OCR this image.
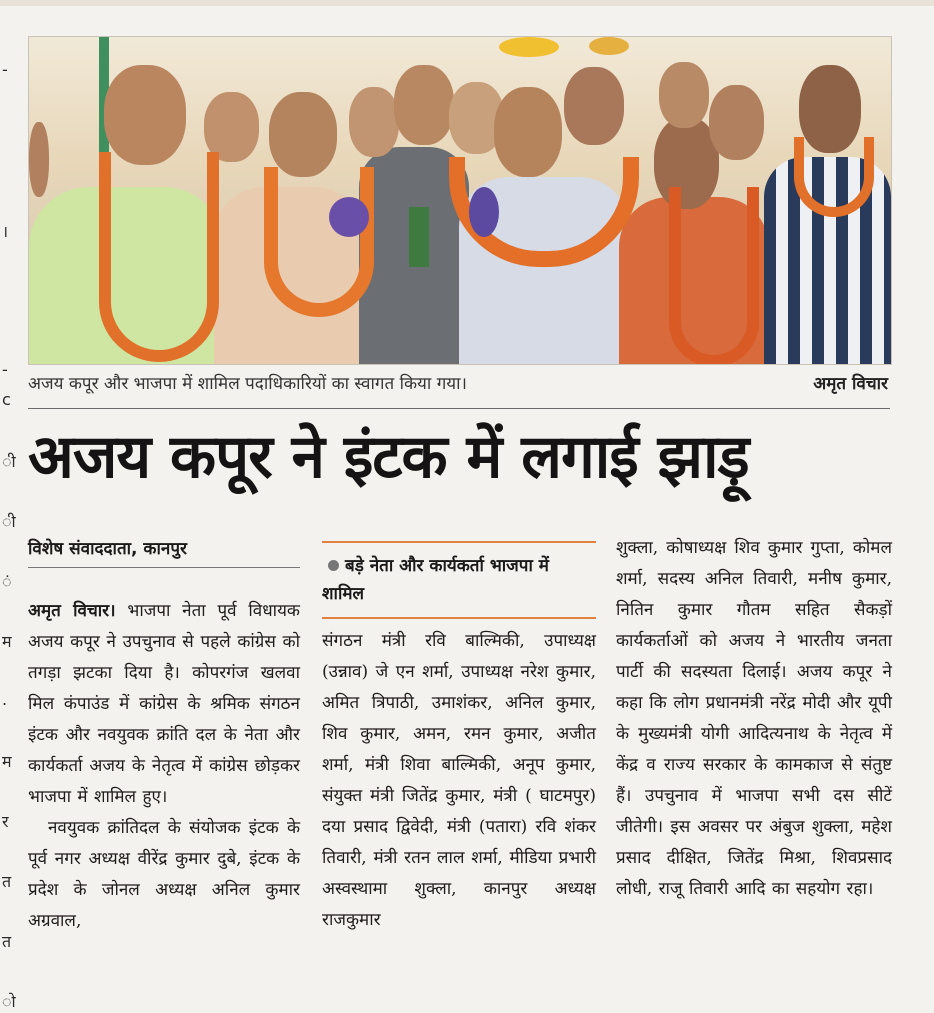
-
।
-
c
ी
ी
ं
म
.
म
र
त
त
ो
अजय कपूर और भाजपा में शामिल पदाधिकारियों का स्वागत किया गया।	अमृत विचार
अजय कपूर ने इंटक में लगाई झाड़ू
विशेष संवाददाता, कानपुर

अमृत विचार। भाजपा नेता पूर्व विधायक अजय कपूर ने उपचुनाव से पहले कांग्रेस को तगड़ा झटका दिया है। कोपरगंज खलवा मिल कंपाउंड में कांग्रेस के श्रमिक संगठन इंटक और नवयुवक क्रांति दल के नेता और कार्यकर्ता अजय के नेतृत्व में कांग्रेस छोड़कर भाजपा में शामिल हुए।

नवयुवक क्रांतिदल के संयोजक इंटक के पूर्व नगर अध्यक्ष वीरेंद्र कुमार दुबे, इंटक के प्रदेश के जोनल अध्यक्ष अनिल कुमार अग्रवाल,

बड़े नेता और कार्यकर्ता भाजपा में शामिल

संगठन मंत्री रवि बाल्मिकी, उपाध्यक्ष (उन्नाव) जे एन शर्मा, उपाध्यक्ष नरेश कुमार, अमित त्रिपाठी, उमाशंकर, अनिल कुमार, शिव कुमार, अमन, रमन कुमार, अजीत शर्मा, मंत्री शिवा बाल्मिकी, अनूप कुमार, संयुक्त मंत्री जितेंद्र कुमार, मंत्री ( घाटमपुर) दया प्रसाद द्विवेदी, मंत्री (पतारा) रवि शंकर तिवारी, मंत्री रतन लाल शर्मा, मीडिया प्रभारी अस्वस्थामा शुक्ला, कानपुर अध्यक्ष राजकुमार

शुक्ला, कोषाध्यक्ष शिव कुमार गुप्ता, कोमल शर्मा, सदस्य अनिल तिवारी, मनीष कुमार, नितिन कुमार गौतम सहित सैकड़ों कार्यकर्ताओं को अजय ने भारतीय जनता पार्टी की सदस्यता दिलाई। अजय कपूर ने कहा कि लोग प्रधानमंत्री नरेंद्र मोदी और यूपी के मुख्यमंत्री योगी आदित्यनाथ के नेतृत्व में केंद्र व राज्य सरकार के कामकाज से संतुष्ट हैं। उपचुनाव में भाजपा सभी दस सीटें जीतेगी। इस अवसर पर अंबुज शुक्ला, महेश प्रसाद दीक्षित, जितेंद्र मिश्रा, शिवप्रसाद लोधी, राजू तिवारी आदि का सहयोग रहा।
